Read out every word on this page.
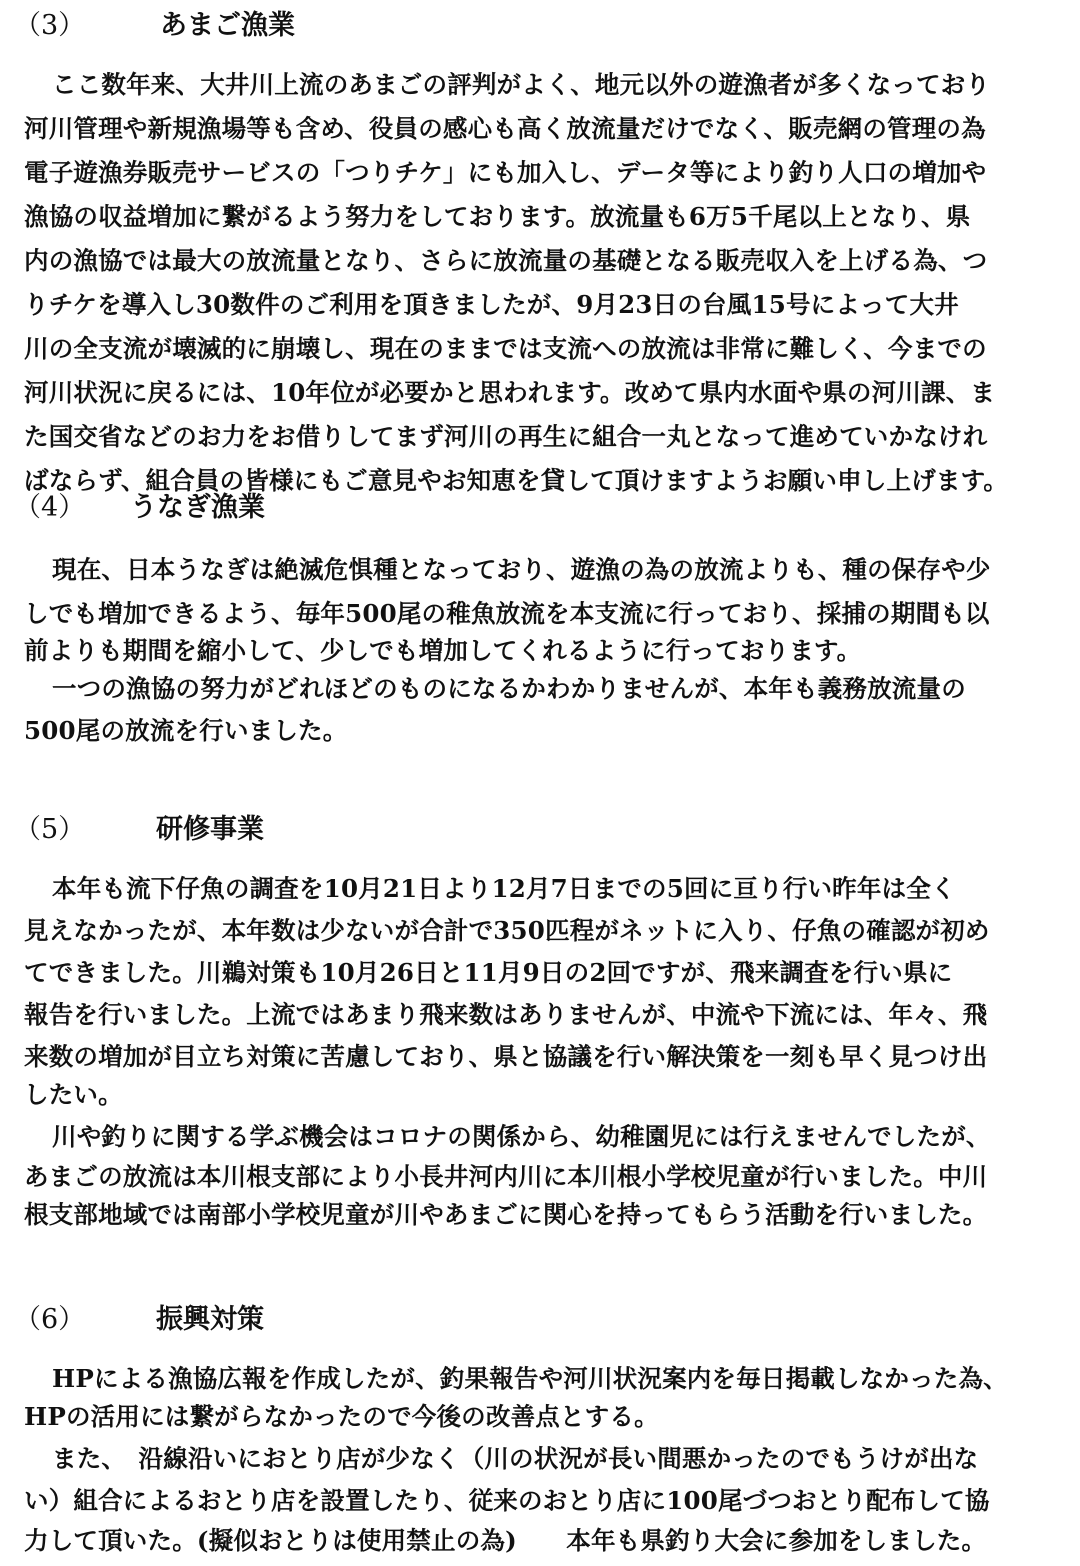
（3）	あまご漁業
ここ数年来、大井川上流のあまごの評判がよく、地元以外の遊漁者が多くなっており
河川管理や新規漁場等も含め、役員の感心も高く放流量だけでなく、販売網の管理の為
電子遊漁券販売サービスの「つりチケ」にも加入し、データ等により釣り人口の増加や
漁協の収益増加に繋がるよう努力をしております。放流量も6万5千尾以上となり、県
内の漁協では最大の放流量となり、さらに放流量の基礎となる販売収入を上げる為、つ
りチケを導入し30数件のご利用を頂きましたが、9月23日の台風15号によって大井
川の全支流が壊滅的に崩壊し、現在のままでは支流への放流は非常に難しく、今までの
河川状況に戻るには、10年位が必要かと思われます。改めて県内水面や県の河川課、ま
た国交省などのお力をお借りしてまず河川の再生に組合一丸となって進めていかなけれ
ばならず、組合員の皆様にもご意見やお知恵を貸して頂けますようお願い申し上げます。
（4） うなぎ漁業
現在、日本うなぎは絶滅危惧種となっており、遊漁の為の放流よりも、種の保存や少
しでも増加できるよう、毎年500尾の稚魚放流を本支流に行っており、採捕の期間も以
前よりも期間を縮小して、少しでも増加してくれるように行っております。
一つの漁協の努力がどれほどのものになるかわかりませんが、本年も義務放流量の
500尾の放流を行いました。
（5）	研修事業
本年も流下仔魚の調査を10月21日より12月7日までの5回に亘り行い昨年は全く
見えなかったが、本年数は少ないが合計で350匹程がネットに入り、仔魚の確認が初め
てできました。川鵜対策も10月26日と11月9日の2回ですが、飛来調査を行い県に
報告を行いました。上流ではあまり飛来数はありませんが、中流や下流には、年々、飛
来数の増加が目立ち対策に苦慮しており、県と協議を行い解決策を一刻も早く見つけ出
したい。
川や釣りに関する学ぶ機会はコロナの関係から、幼稚園児には行えませんでしたが、
あまごの放流は本川根支部により小長井河内川に本川根小学校児童が行いました。中川
根支部地域では南部小学校児童が川やあまごに関心を持ってもらう活動を行いました。
（6）	振興対策
HPによる漁協広報を作成したが、釣果報告や河川状況案内を毎日掲載しなかった為、
HPの活用には繋がらなかったので今後の改善点とする。
また、　沿線沿いにおとり店が少なく（川の状況が長い間悪かったのでもうけが出な
い）組合によるおとり店を設置したり、従来のおとり店に100尾づつおとり配布して協
力して頂いた。(擬似おとりは使用禁止の為)　　本年も県釣り大会に参加をしました。
